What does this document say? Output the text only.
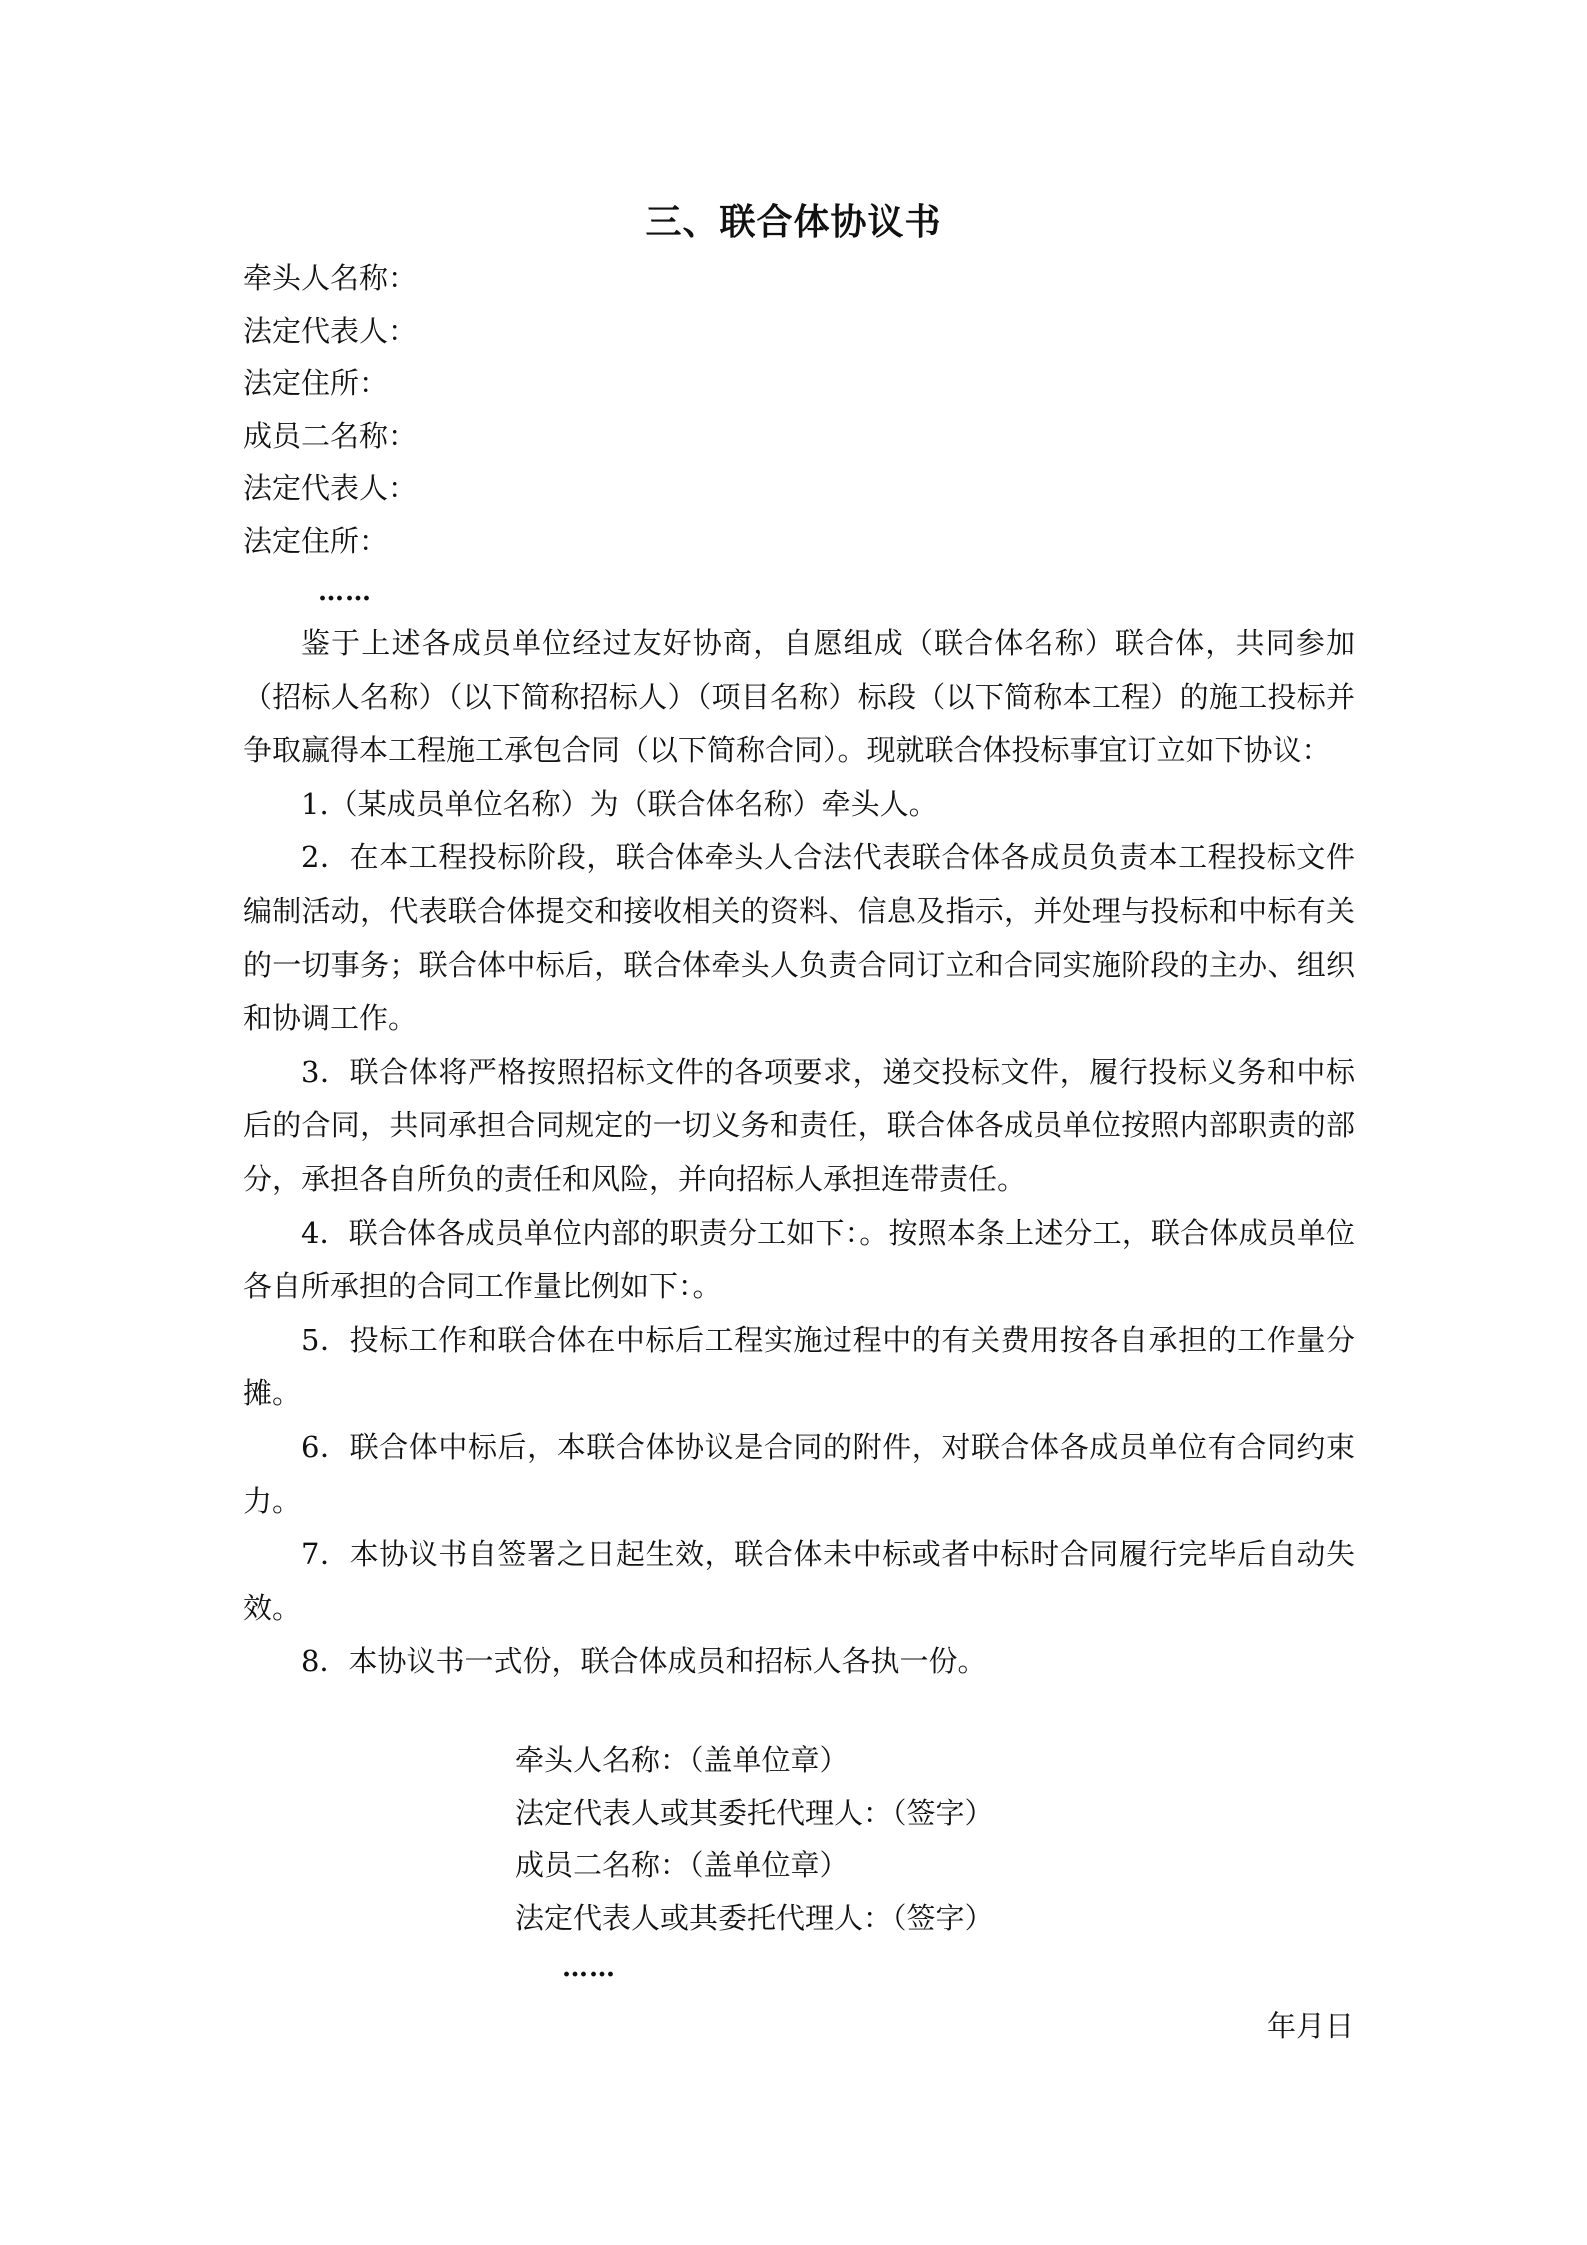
三、联合体协议书
牵头人名称：
法定代表人：
法定住所：
成员二名称：
法定代表人：
法定住所：
……

鉴于上述各成员单位经过友好协商，自愿组成（联合体名称）联合体，共同参加（招标人名称）（以下简称招标人）（项目名称）标段（以下简称本工程）的施工投标并争取赢得本工程施工承包合同（以下简称合同）。现就联合体投标事宜订立如下协议：

1.（某成员单位名称）为（联合体名称）牵头人。

2．在本工程投标阶段，联合体牵头人合法代表联合体各成员负责本工程投标文件编制活动，代表联合体提交和接收相关的资料、信息及指示，并处理与投标和中标有关的一切事务；联合体中标后，联合体牵头人负责合同订立和合同实施阶段的主办、组织和协调工作。

3．联合体将严格按照招标文件的各项要求，递交投标文件，履行投标义务和中标后的合同，共同承担合同规定的一切义务和责任，联合体各成员单位按照内部职责的部分，承担各自所负的责任和风险，并向招标人承担连带责任。

4．联合体各成员单位内部的职责分工如下：。按照本条上述分工，联合体成员单位各自所承担的合同工作量比例如下：。

5．投标工作和联合体在中标后工程实施过程中的有关费用按各自承担的工作量分摊。

6．联合体中标后，本联合体协议是合同的附件，对联合体各成员单位有合同约束力。

7．本协议书自签署之日起生效，联合体未中标或者中标时合同履行完毕后自动失效。

8．本协议书一式份，联合体成员和招标人各执一份。

牵头人名称：（盖单位章）
法定代表人或其委托代理人：（签字）
成员二名称：（盖单位章）
法定代表人或其委托代理人：（签字）
……
年月日
